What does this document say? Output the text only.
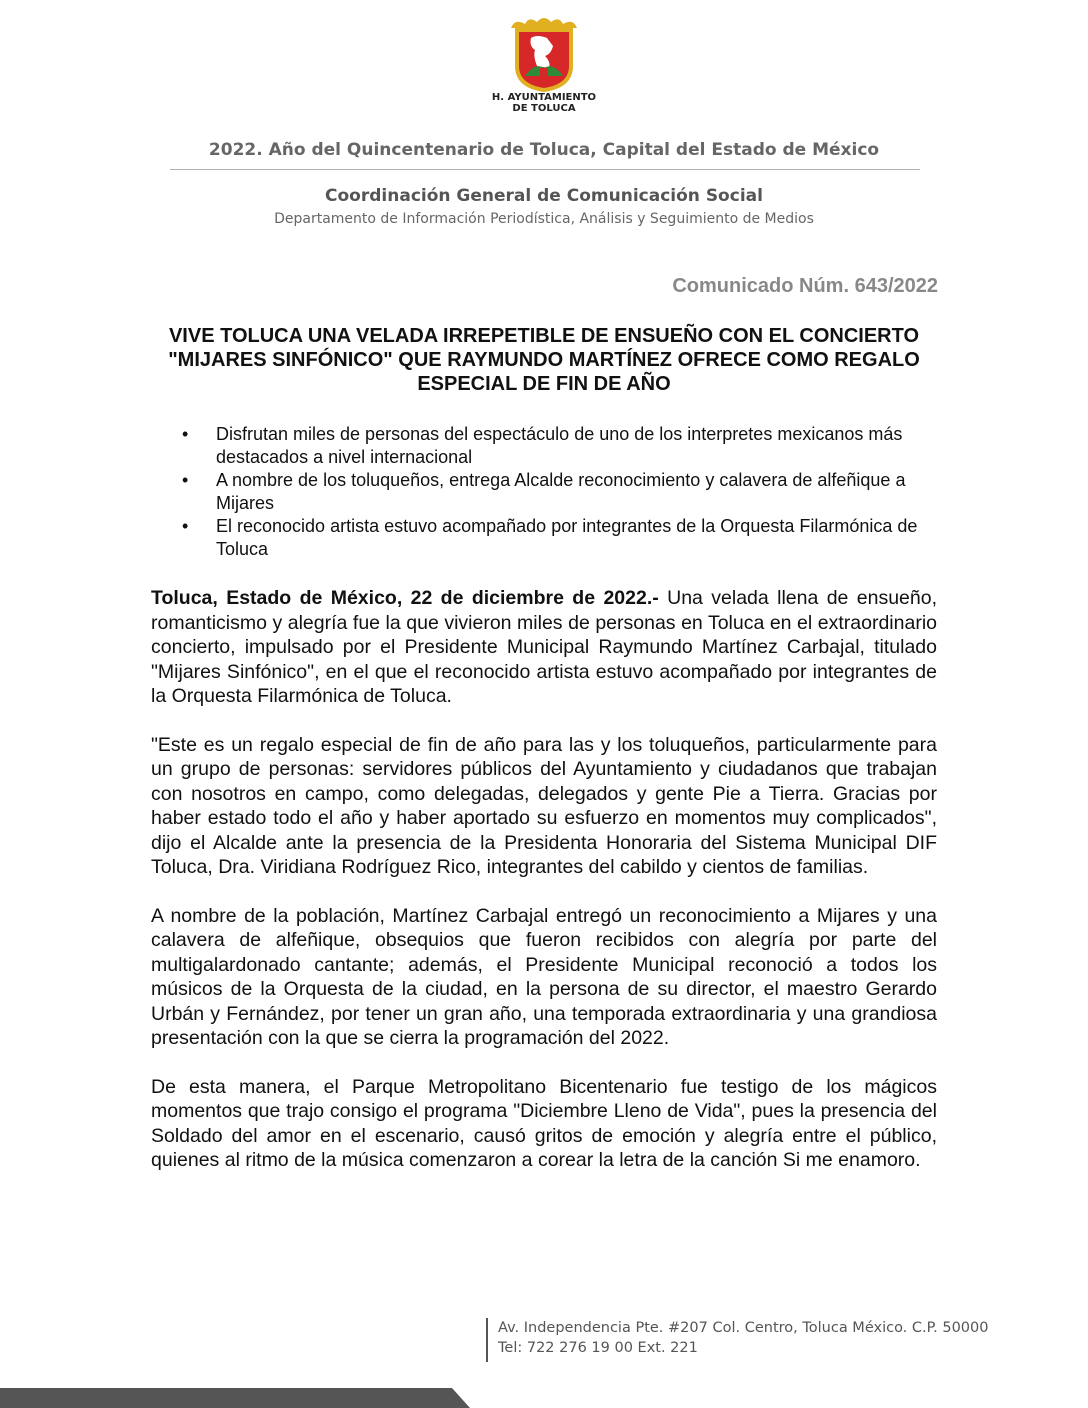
H. AYUNTAMIENTO
DE TOLUCA
2022. Año del Quincentenario de Toluca, Capital del Estado de México
Coordinación General de Comunicación Social
Departamento de Información Periodística, Análisis y Seguimiento de Medios
Comunicado Núm. 643/2022
VIVE TOLUCA UNA VELADA IRREPETIBLE DE ENSUEÑO CON EL CONCIERTO "MIJARES SINFÓNICO" QUE RAYMUNDO MARTÍNEZ OFRECE COMO REGALO ESPECIAL DE FIN DE AÑO
• Disfrutan miles de personas del espectáculo de uno de los interpretes mexicanos más destacados a nivel internacional
• A nombre de los toluqueños, entrega Alcalde reconocimiento y calavera de alfeñique a Mijares
• El reconocido artista estuvo acompañado por integrantes de la Orquesta Filarmónica de Toluca

Toluca, Estado de México, 22 de diciembre de 2022.- Una velada llena de ensueño, romanticismo y alegría fue la que vivieron miles de personas en Toluca en el extraordinario concierto, impulsado por el Presidente Municipal Raymundo Martínez Carbajal, titulado "Mijares Sinfónico", en el que el reconocido artista estuvo acompañado por integrantes de la Orquesta Filarmónica de Toluca.

"Este es un regalo especial de fin de año para las y los toluqueños, particularmente para un grupo de personas: servidores públicos del Ayuntamiento y ciudadanos que trabajan con nosotros en campo, como delegadas, delegados y gente Pie a Tierra. Gracias por haber estado todo el año y haber aportado su esfuerzo en momentos muy complicados", dijo el Alcalde ante la presencia de la Presidenta Honoraria del Sistema Municipal DIF Toluca, Dra. Viridiana Rodríguez Rico, integrantes del cabildo y cientos de familias.

A nombre de la población, Martínez Carbajal entregó un reconocimiento a Mijares y una calavera de alfeñique, obsequios que fueron recibidos con alegría por parte del multigalardonado cantante; además, el Presidente Municipal reconoció a todos los músicos de la Orquesta de la ciudad, en la persona de su director, el maestro Gerardo Urbán y Fernández, por tener un gran año, una temporada extraordinaria y una grandiosa presentación con la que se cierra la programación del 2022.

De esta manera, el Parque Metropolitano Bicentenario fue testigo de los mágicos momentos que trajo consigo el programa "Diciembre Lleno de Vida", pues la presencia del Soldado del amor en el escenario, causó gritos de emoción y alegría entre el público, quienes al ritmo de la música comenzaron a corear la letra de la canción Si me enamoro.

Av. Independencia Pte. #207 Col. Centro, Toluca México. C.P. 50000
Tel: 722 276 19 00 Ext. 221
